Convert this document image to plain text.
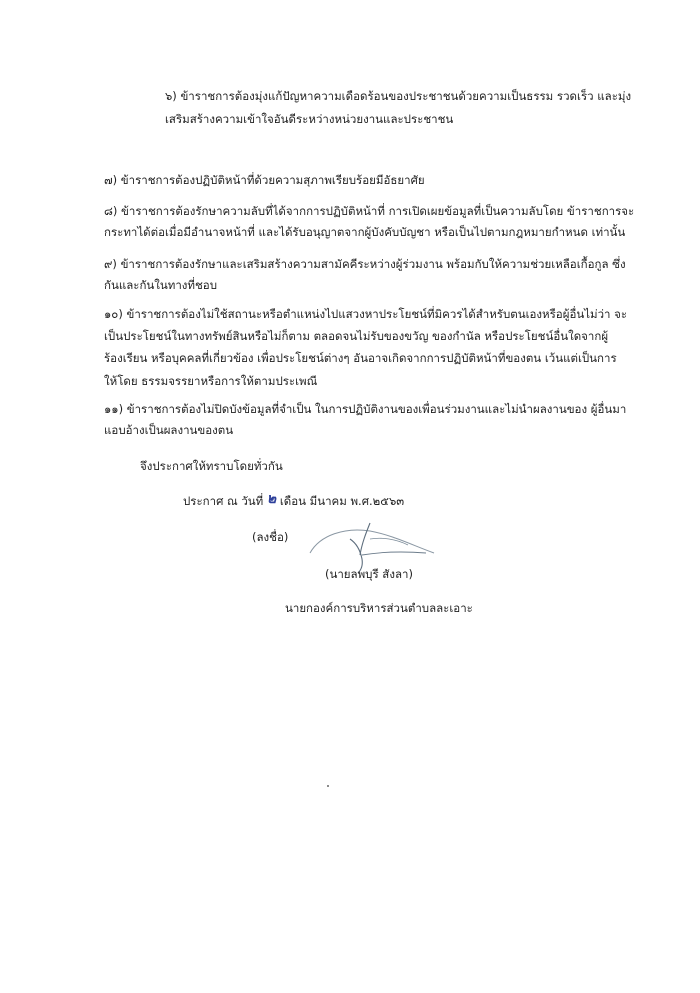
๖) ข้าราชการต้องมุ่งแก้ปัญหาความเดือดร้อนของประชาชนด้วยความเป็นธรรม รวดเร็ว และมุ่ง
เสริมสร้างความเข้าใจอันดีระหว่างหน่วยงานและประชาชน
๗) ข้าราชการต้องปฏิบัติหน้าที่ด้วยความสุภาพเรียบร้อยมีอัธยาศัย
๘) ข้าราชการต้องรักษาความลับที่ได้จากการปฏิบัติหน้าที่ การเปิดเผยข้อมูลที่เป็นความลับโดย ข้าราชการจะ
กระทาได้ต่อเมื่อมีอำนาจหน้าที่ และได้รับอนุญาตจากผู้บังคับบัญชา หรือเป็นไปตามกฎหมายกำหนด เท่านั้น
๙) ข้าราชการต้องรักษาและเสริมสร้างความสามัคคีระหว่างผู้ร่วมงาน พร้อมกับให้ความช่วยเหลือเกื้อกูล ซึ่ง
กันและกันในทางที่ชอบ
๑๐) ข้าราชการต้องไม่ใช้สถานะหรือตำแหน่งไปแสวงหาประโยชน์ที่มิควรได้สำหรับตนเองหรือผู้อื่นไม่ว่า จะ
เป็นประโยชน์ในทางทรัพย์สินหรือไม่ก็ตาม ตลอดจนไม่รับของขวัญ ของกำนัล หรือประโยชน์อื่นใดจากผู้
ร้องเรียน หรือบุคคลที่เกี่ยวข้อง เพื่อประโยชน์ต่างๆ อันอาจเกิดจากการปฏิบัติหน้าที่ของตน เว้นแต่เป็นการ
ให้โดย ธรรมจรรยาหรือการให้ตามประเพณี
๑๑) ข้าราชการต้องไม่ปิดบังข้อมูลที่จำเป็น ในการปฏิบัติงานของเพื่อนร่วมงานและไม่นำผลงานของ ผู้อื่นมา
แอบอ้างเป็นผลงานของตน
จึงประกาศให้ทราบโดยทั่วกัน
ประกาศ ณ วันที่ ๒ เดือน มีนาคม พ.ศ.๒๕๖๓
(ลงชื่อ)
(นายลพบุรี สังลา)
นายกองค์การบริหารส่วนตำบลละเอาะ
